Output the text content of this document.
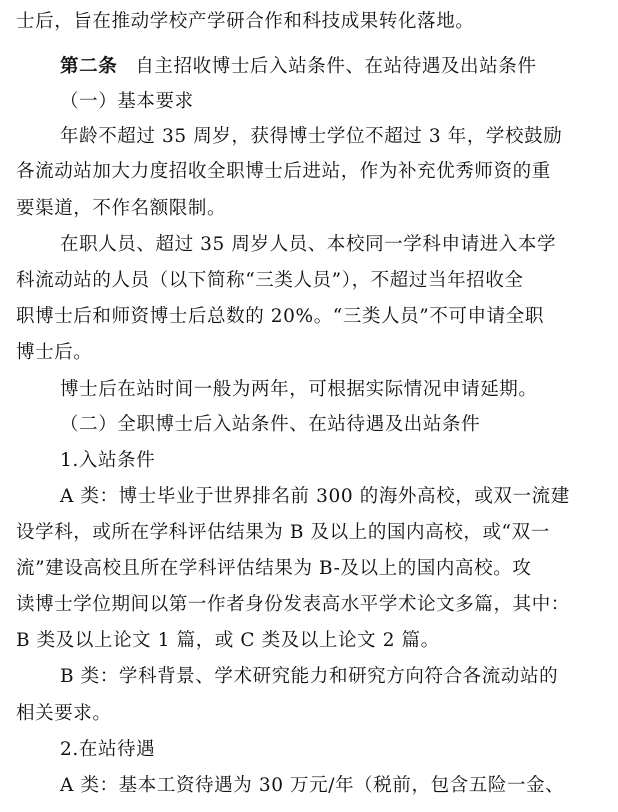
士后，旨在推动学校产学研合作和科技成果转化落地。

第二条 自主招收博士后入站条件、在站待遇及出站条件

（一）基本要求

年龄不超过 35 周岁，获得博士学位不超过 3 年，学校鼓励

各流动站加大力度招收全职博士后进站，作为补充优秀师资的重

要渠道，不作名额限制。

在职人员、超过 35 周岁人员、本校同一学科申请进入本学

科流动站的人员（以下简称“三类人员”），不超过当年招收全

职博士后和师资博士后总数的 20%。“三类人员”不可申请全职

博士后。

博士后在站时间一般为两年，可根据实际情况申请延期。

（二）全职博士后入站条件、在站待遇及出站条件

1.入站条件

A 类：博士毕业于世界排名前 300 的海外高校，或双一流建

设学科，或所在学科评估结果为 B 及以上的国内高校，或“双一

流”建设高校且所在学科评估结果为 B-及以上的国内高校。攻

读博士学位期间以第一作者身份发表高水平学术论文多篇，其中：

B 类及以上论文 1 篇，或 C 类及以上论文 2 篇。

B 类：学科背景、学术研究能力和研究方向符合各流动站的

相关要求。

2.在站待遇

A 类：基本工资待遇为 30 万元/年（税前，包含五险一金、
